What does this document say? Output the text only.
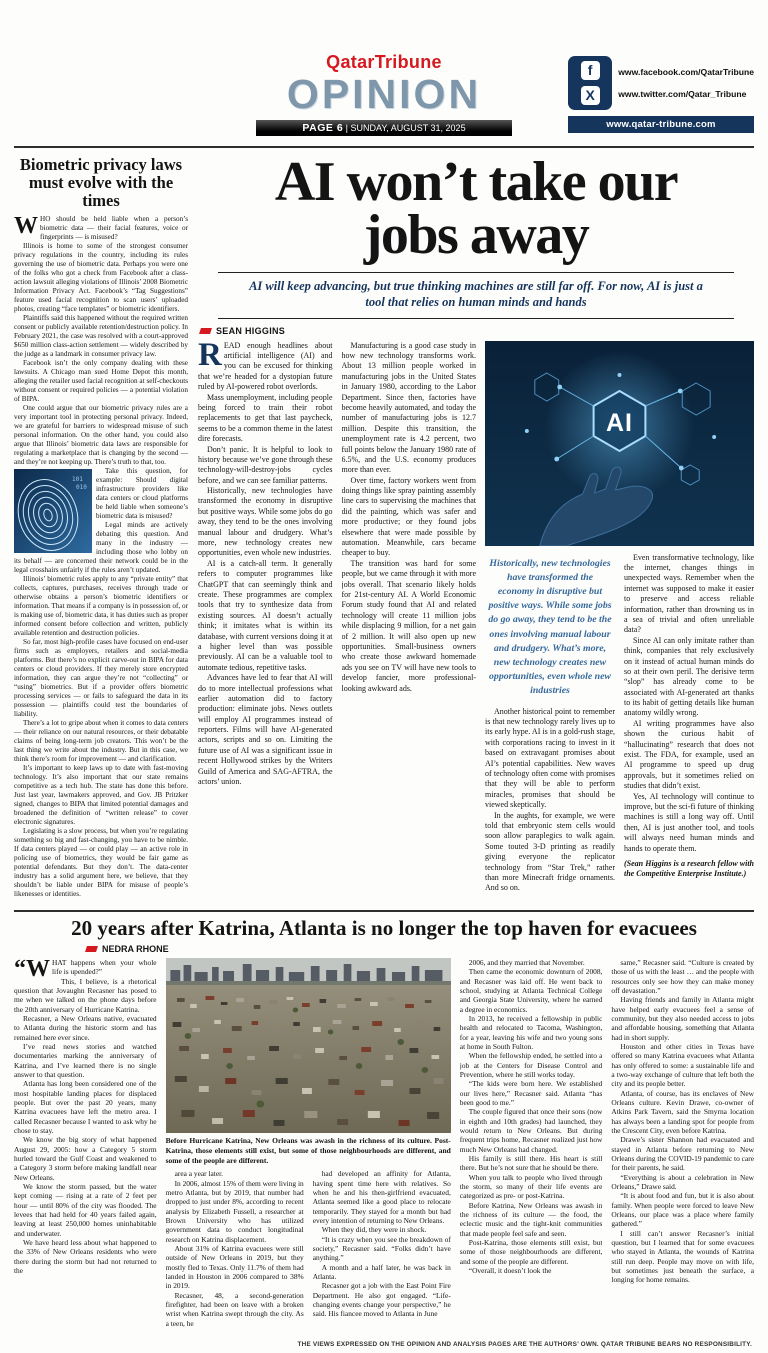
QatarTribune
OPINION
PAGE 6 | SUNDAY, AUGUST 31, 2025
f
X
www.facebook.com/QatarTribune
www.twitter.com/Qatar_Tribune
www.qatar-tribune.com
Biometric privacy laws must evolve with the times

WHO should be held liable when a person’s biometric data — their facial features, voice or fingerprints — is misused?

Illinois is home to some of the strongest consumer privacy regulations in the country, including its rules governing the use of biometric data. Perhaps you were one of the folks who got a check from Facebook after a class-action lawsuit alleging violations of Illinois’ 2008 Biometric Information Privacy Act. Facebook’s “Tag Suggestions” feature used facial recognition to scan users’ uploaded photos, creating “face templates” or biometric identifiers.

Plaintiffs said this happened without the required written consent or publicly available retention/destruction policy. In February 2021, the case was resolved with a court-approved $650 million class-action settlement — widely described by the judge as a landmark in consumer privacy law.

Facebook isn’t the only company dealing with these lawsuits. A Chicago man sued Home Depot this month, alleging the retailer used facial recognition at self-checkouts without consent or required policies — a potential violation of BIPA.

One could argue that our biometric privacy rules are a very important tool in protecting personal privacy. Indeed, we are grateful for barriers to widespread misuse of such personal information. On the other hand, you could also argue that Illinois’ biometric data laws are responsible for regulating a marketplace that is changing by the second — and they’re not keeping up. There’s truth to that, too.

101
010

Take this question, for example: Should digital infrastructure providers like data centers or cloud platforms be held liable when someone’s biometric data is misused?

Legal minds are actively debating this question. And many in the industry — including those who lobby on its behalf — are concerned their network could be in the legal crosshairs unfairly if the rules aren’t updated.

Illinois’ biometric rules apply to any “private entity” that collects, captures, purchases, receives through trade or otherwise obtains a person’s biometric identifiers or information. That means if a company is in possession of, or is making use of, biometric data, it has duties such as proper informed consent before collection and written, publicly available retention and destruction policies.

So far, most high-profile cases have focused on end-user firms such as employers, retailers and social-media platforms. But there’s no explicit carve-out in BIPA for data centers or cloud providers. If they merely store encrypted information, they can argue they’re not “collecting” or “using” biometrics. But if a provider offers biometric processing services — or fails to safeguard the data in its possession — plaintiffs could test the boundaries of liability.

There’s a lot to gripe about when it comes to data centers — their reliance on our natural resources, or their debatable claims of being long-term job creators. This won’t be the last thing we write about the industry. But in this case, we think there’s room for improvement — and clarification.

It’s important to keep laws up to date with fast-moving technology. It’s also important that our state remains competitive as a tech hub. The state has done this before. Just last year, lawmakers approved, and Gov. JB Pritzker signed, changes to BIPA that limited potential damages and broadened the definition of “written release” to cover electronic signatures.

Legislating is a slow process, but when you’re regulating something so big and fast-changing, you have to be nimble. If data centers played — or could play — an active role in policing use of biometrics, they would be fair game as potential defendants. But they don’t. The data-center industry has a solid argument here, we believe, that they shouldn’t be liable under BIPA for misuse of people’s likenesses or identities.

AI won’t take our jobs away
AI will keep advancing, but true thinking machines are still far off. For now, AI is just a tool that relies on human minds and hands
SEAN HIGGINS

READ enough headlines about artificial intelligence (AI) and you can be excused for thinking that we’re headed for a dystopian future ruled by AI-powered robot overlords.

Mass unemployment, including people being forced to train their robot replacements to get that last paycheck, seems to be a common theme in the latest dire forecasts.

Don’t panic. It is helpful to look to history because we’ve gone through these technology-will-destroy-jobs cycles before, and we can see familiar patterns.

Historically, new technologies have transformed the economy in disruptive but positive ways. While some jobs do go away, they tend to be the ones involving manual labour and drudgery. What’s more, new technology creates new opportunities, even whole new industries.

AI is a catch-all term. It generally refers to computer programmes like ChatGPT that can seemingly think and create. These programmes are complex tools that try to synthesize data from existing sources. AI doesn’t actually think; it imitates what is within its database, with current versions doing it at a higher level than was possible previously. AI can be a valuable tool to automate tedious, repetitive tasks.

Advances have led to fear that AI will do to more intellectual professions what earlier automation did to factory production: eliminate jobs. News outlets will employ AI programmes instead of reporters. Films will have AI-generated actors, scripts and so on. Limiting the future use of AI was a significant issue in recent Hollywood strikes by the Writers Guild of America and SAG-AFTRA, the actors’ union.

Manufacturing is a good case study in how new technology transforms work. About 13 million people worked in manufacturing jobs in the United States in January 1980, according to the Labor Department. Since then, factories have become heavily automated, and today the number of manufacturing jobs is 12.7 million. Despite this transition, the unemployment rate is 4.2 percent, two full points below the January 1980 rate of 6.5%, and the U.S. economy produces more than ever.

Over time, factory workers went from doing things like spray painting assembly line cars to supervising the machines that did the painting, which was safer and more productive; or they found jobs elsewhere that were made possible by automation. Meanwhile, cars became cheaper to buy.

The transition was hard for some people, but we came through it with more jobs overall. That scenario likely holds for 21st-century AI. A World Economic Forum study found that AI and related technology will create 11 million jobs while displacing 9 million, for a net gain of 2 million. It will also open up new opportunities. Small-business owners who create those awkward homemade ads you see on TV will have new tools to develop fancier, more professional-looking awkward ads.

AI
Historically, new technologies have transformed the economy in disruptive but positive ways. While some jobs do go away, they tend to be the ones involving manual labour and drudgery. What’s more, new technology creates new opportunities, even whole new industries

Another historical point to remember is that new technology rarely lives up to its early hype. AI is in a gold-rush stage, with corporations racing to invest in it based on extravagant promises about AI’s potential capabilities. New waves of technology often come with promises that they will be able to perform miracles, promises that should be viewed skeptically.

In the aughts, for example, we were told that embryonic stem cells would soon allow paraplegics to walk again. Some touted 3-D printing as readily giving everyone the replicator technology from “Star Trek,” rather than more Minecraft fridge ornaments. And so on.

Even transformative technology, like the internet, changes things in unexpected ways. Remember when the internet was supposed to make it easier to preserve and access reliable information, rather than drowning us in a sea of trivial and often unreliable data?

Since AI can only imitate rather than think, companies that rely exclusively on it instead of actual human minds do so at their own peril. The derisive term “slop” has already come to be associated with AI-generated art thanks to its habit of getting details like human anatomy wildly wrong.

AI writing programmes have also shown the curious habit of “hallucinating” research that does not exist. The FDA, for example, used an AI programme to speed up drug approvals, but it sometimes relied on studies that didn’t exist.

Yes, AI technology will continue to improve, but the sci-fi future of thinking machines is still a long way off. Until then, AI is just another tool, and tools will always need human minds and hands to operate them.

(Sean Higgins is a research fellow with the Competitive Enterprise Institute.)

20 years after Katrina, Atlanta is no longer the top haven for evacuees
NEDRA RHONE

“WHAT happens when your whole life is upended?”

This, I believe, is a rhetorical question that Jovaughn Recasner has posed to me when we talked on the phone days before the 20th anniversary of Hurricane Katrina.

Recasner, a New Orleans native, evacuated to Atlanta during the historic storm and has remained here ever since.

I’ve read news stories and watched documentaries marking the anniversary of Katrina, and I’ve learned there is no single answer to that question.

Atlanta has long been considered one of the most hospitable landing places for displaced people. But over the past 20 years, many Katrina evacuees have left the metro area. I called Recasner because I wanted to ask why he chose to stay.

We know the big story of what happened August 29, 2005: how a Category 5 storm hurled toward the Gulf Coast and weakened to a Category 3 storm before making landfall near New Orleans.

We know the storm passed, but the water kept coming — rising at a rate of 2 feet per hour — until 80% of the city was flooded. The levees that had held for 40 years failed again, leaving at least 250,000 homes uninhabitable and underwater.

We have heard less about what happened to the 33% of New Orleans residents who were there during the storm but had not returned to the

Before Hurricane Katrina, New Orleans was awash in the richness of its culture. Post-Katrina, those elements still exist, but some of those neighbourhoods are different, and some of the people are different.

area a year later.

In 2006, almost 15% of them were living in metro Atlanta, but by 2019, that number had dropped to just under 8%, according to recent analysis by Elizabeth Fussell, a researcher at Brown University who has utilized government data to conduct longitudinal research on Katrina displacement.

About 31% of Katrina evacuees were still outside of New Orleans in 2019, but they mostly fled to Texas. Only 11.7% of them had landed in Houston in 2006 compared to 38% in 2019.

Recasner, 48, a second-generation firefighter, had been on leave with a broken wrist when Katrina swept through the city. As a teen, he

had developed an affinity for Atlanta, having spent time here with relatives. So when he and his then-girlfriend evacuated, Atlanta seemed like a good place to relocate temporarily. They stayed for a month but had every intention of returning to New Orleans.

When they did, they were in shock.

“It is crazy when you see the breakdown of society,” Recasner said. “Folks didn’t have anything.”

A month and a half later, he was back in Atlanta.

Recasner got a job with the East Point Fire Department. He also got engaged. “Life-changing events change your perspective,” he said. His fiancee moved to Atlanta in June

2006, and they married that November.

Then came the economic downturn of 2008, and Recasner was laid off. He went back to school, studying at Atlanta Technical College and Georgia State University, where he earned a degree in economics.

In 2013, he received a fellowship in public health and relocated to Tacoma, Washington, for a year, leaving his wife and two young sons at home in South Fulton.

When the fellowship ended, he settled into a job at the Centers for Disease Control and Prevention, where he still works today.

“The kids were born here. We established our lives here,” Recasner said. Atlanta “has been good to me.”

The couple figured that once their sons (now in eighth and 10th grades) had launched, they would return to New Orleans. But during frequent trips home, Recasner realized just how much New Orleans had changed.

His family is still there. His heart is still there. But he’s not sure that he should be there.

When you talk to people who lived through the storm, so many of their life events are categorized as pre- or post-Katrina.

Before Katrina, New Orleans was awash in the richness of its culture — the food, the eclectic music and the tight-knit communities that made people feel safe and seen.

Post-Katrina, those elements still exist, but some of those neighbourhoods are different, and some of the people are different.

“Overall, it doesn’t look the

same,” Recasner said. “Culture is created by those of us with the least … and the people with resources only see how they can make money off devastation.”

Having friends and family in Atlanta might have helped early evacuees feel a sense of community, but they also needed access to jobs and affordable housing, something that Atlanta had in short supply.

Houston and other cities in Texas have offered so many Katrina evacuees what Atlanta has only offered to some: a sustainable life and a two-way exchange of culture that left both the city and its people better.

Atlanta, of course, has its enclaves of New Orleans culture. Kevin Drawe, co-owner of Atkins Park Tavern, said the Smyrna location has always been a landing spot for people from the Crescent City, even before Katrina.

Drawe’s sister Shannon had evacuated and stayed in Atlanta before returning to New Orleans during the COVID-19 pandemic to care for their parents, he said.

“Everything is about a celebration in New Orleans,” Drawe said.

“It is about food and fun, but it is also about family. When people were forced to leave New Orleans, our place was a place where family gathered.”

I still can’t answer Recasner’s initial question, but I learned that for some evacuees who stayed in Atlanta, the wounds of Katrina still run deep. People may move on with life, but sometimes just beneath the surface, a longing for home remains.

THE VIEWS EXPRESSED ON THE OPINION AND ANALYSIS PAGES ARE THE AUTHORS’ OWN. QATAR TRIBUNE BEARS NO RESPONSIBILITY.
